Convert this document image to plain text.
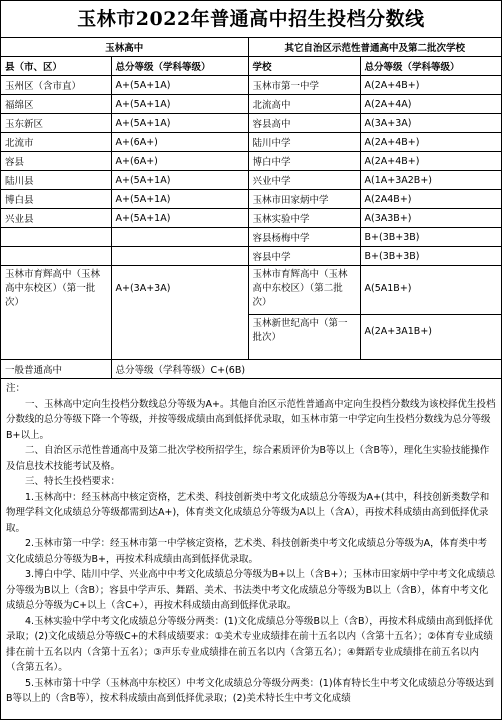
玉林市2022年普通高中招生投档分数线
玉林高中		其它自治区示范性普通高中及第二批次学校	
县（市、区）	总分等级（学科等级）	学校	总分等级（学科等级）
玉州区（含市直）	A+(5A+1A)	玉林市第一中学	A(2A+4B+)
福绵区	A+(5A+1A)	北流高中	A(2A+4A)
玉东新区	A+(5A+1A)	容县高中	A(3A+3A)
北流市	A+(6A+)	陆川中学	A(2A+4B+)
容县	A+(6A+)	博白中学	A(2A+4B+)
陆川县	A+(5A+1A)	兴业中学	A(1A+3A2B+)
博白县	A+(5A+1A)	玉林市田家炳中学	A(2A4B+)
兴业县	A+(5A+1A)	玉林实验中学	A(3A3B+)
		容县杨梅中学	B+(3B+3B)
		容县中学	B+(3B+3B)
玉林市育辉高中（玉林高中东校区）（第一批次）	A+(3A+3A)	玉林市育辉高中（玉林高中东校区）（第二批次）	A(5A1B+)
		玉林新世纪高中（第一批次）	A(2A+3A1B+)
一般普通高中	总分等级（学科等级）C+(6B)		

注：

一、玉林高中定向生投档分数线总分等级为A+。其他自治区示范性普通高中定向生投档分数线为该校择优生投档分数线的总分等级下降一个等级，并按等级成绩由高到低择优录取，如玉林市第一中学定向生投档分数线为总分等级B+以上。

二、自治区示范性普通高中及第二批次学校所招学生，综合素质评价为B等以上（含B等），理化生实验技能操作及信息技术技能考试及格。

三、特长生投档要求：

1.玉林高中：经玉林高中核定资格，艺术类、科技创新类中考文化成绩总分等级为A+(其中，科技创新类数学和物理学科文化成绩总分等级都需到达A+)，体育类文化成绩总分等级为A以上（含A），再按术科成绩由高到低择优录取。

2.玉林市第一中学：经玉林市第一中学核定资格，艺术类、科技创新类中考文化成绩总分等级为A，体育类中考文化成绩总分等级为B+，再按术科成绩由高到低择优录取。

3.博白中学、陆川中学、兴业高中中考文化成绩总分等级为B+以上（含B+）；玉林市田家炳中学中考文化成绩总分等级为B以上（含B）；容县中学声乐、舞蹈、美术、书法类中考文化成绩总分等级为B以上（含B），体育中考文化成绩总分等级为C+以上（含C+），再按术科成绩由高到低择优录取。

4.玉林实验中学中考文化成绩总分等级分两类：(1)文化成绩总分等级B以上（含B），再按术科成绩由高到低择优录取；(2)文化成绩总分等级C+的术科成绩要求：①美术专业成绩排在前十五名以内（含第十五名）；②体育专业成绩排在前十五名以内（含第十五名）；③声乐专业成绩排在前五名以内（含第五名）；④舞蹈专业成绩排在前五名以内（含第五名）。

5.玉林市第十中学（玉林高中东校区）中考文化成绩总分等级分两类：(1)体育特长生中考文化成绩总分等级达到B等以上的（含B等），按术科成绩由高到低择优录取；(2)美术特长生中考文化成绩
